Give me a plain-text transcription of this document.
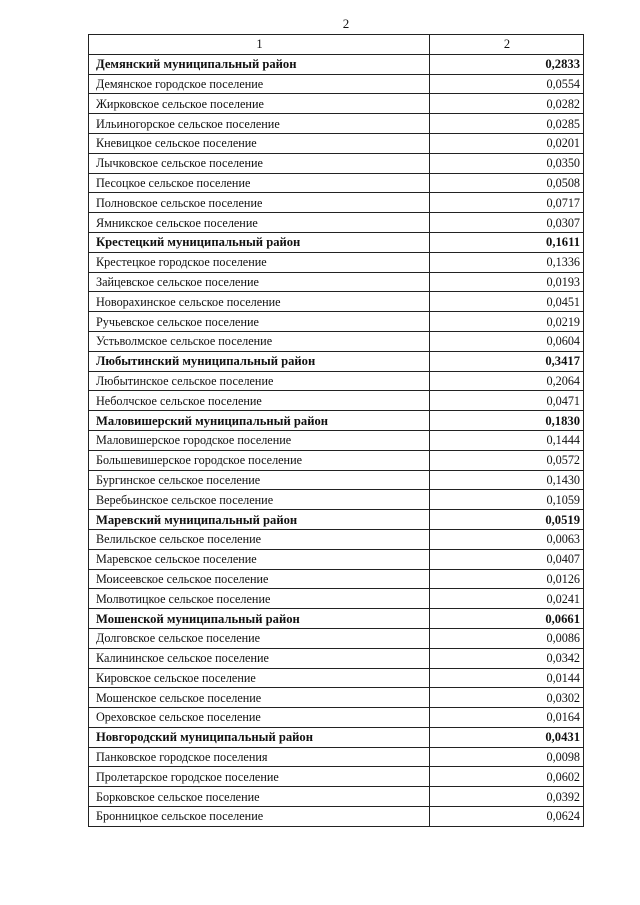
2
1	2
Демянский муниципальный район	0,2833
Демянское городское поселение	0,0554
Жирковское сельское поселение	0,0282
Ильиногорское сельское поселение	0,0285
Кневицкое сельское поселение	0,0201
Лычковское сельское поселение	0,0350
Песоцкое сельское поселение	0,0508
Полновское сельское поселение	0,0717
Ямникское сельское поселение	0,0307
Крестецкий муниципальный район	0,1611
Крестецкое городское поселение	0,1336
Зайцевское сельское поселение	0,0193
Новорахинское сельское поселение	0,0451
Ручьевское сельское поселение	0,0219
Устьволмское сельское поселение	0,0604
Любытинский муниципальный район	0,3417
Любытинское сельское поселение	0,2064
Неболчское сельское поселение	0,0471
Маловишерский муниципальный район	0,1830
Маловишерское городское поселение	0,1444
Большевишерское городское поселение	0,0572
Бургинское сельское поселение	0,1430
Веребьинское сельское поселение	0,1059
Маревский муниципальный район	0,0519
Велильское сельское поселение	0,0063
Маревское сельское поселение	0,0407
Моисеевское сельское поселение	0,0126
Молвотицкое сельское поселение	0,0241
Мошенской муниципальный район	0,0661
Долговское сельское поселение	0,0086
Калининское сельское поселение	0,0342
Кировское сельское поселение	0,0144
Мошенское сельское поселение	0,0302
Ореховское сельское поселение	0,0164
Новгородский муниципальный район	0,0431
Панковское городское поселения	0,0098
Пролетарское городское поселение	0,0602
Борковское сельское поселение	0,0392
Бронницкое сельское поселение	0,0624
